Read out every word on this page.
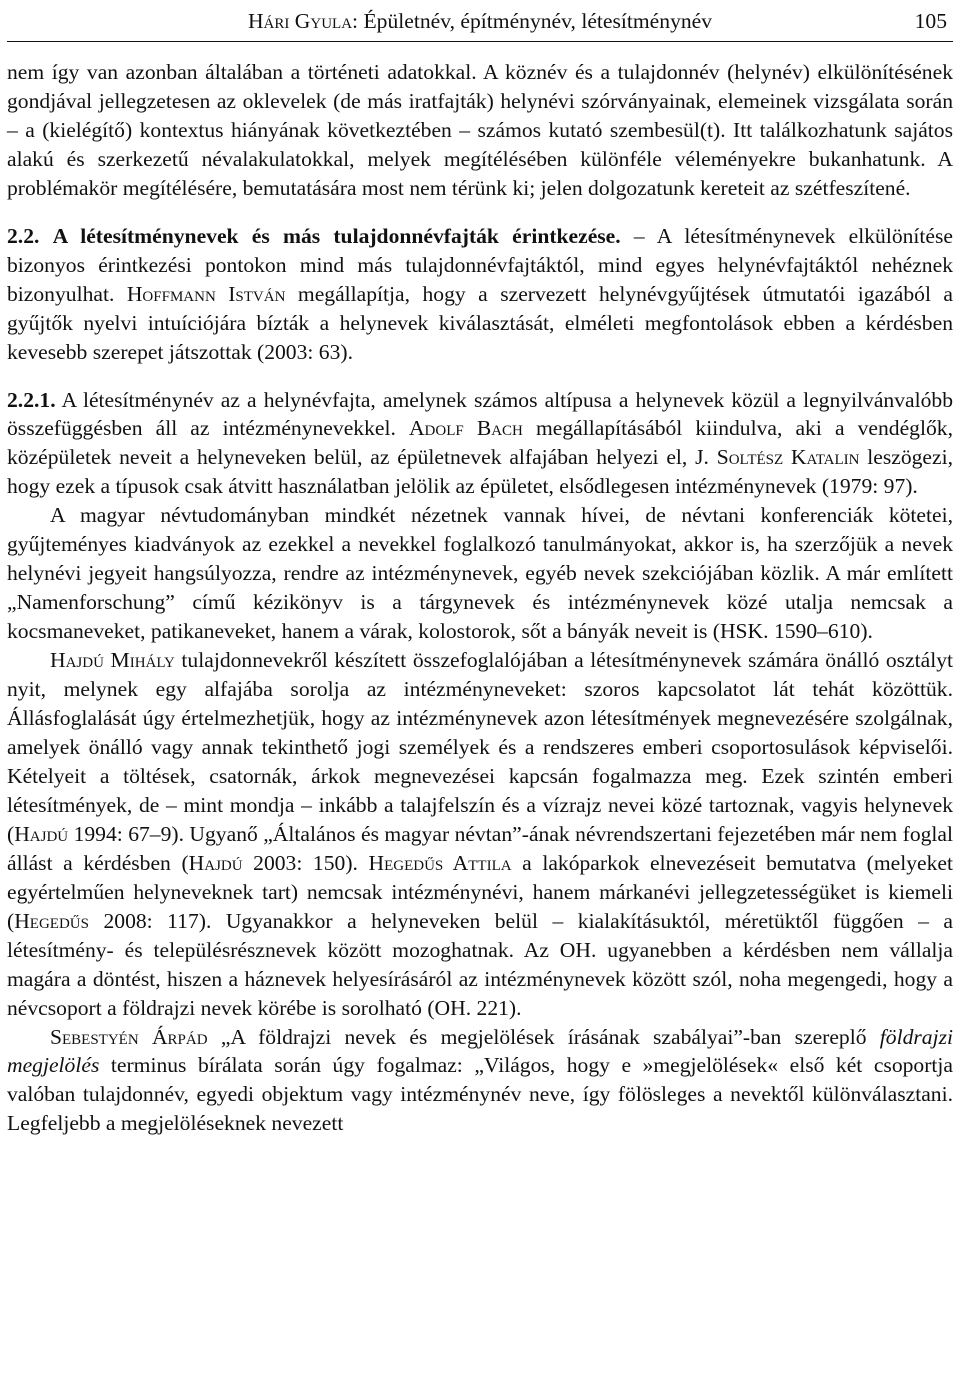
Hári Gyula: Épületnév, építménynév, létesítménynév	105

nem így van azonban általában a történeti adatokkal. A köznév és a tulajdonnév (helynév) elkülönítésének gondjával jellegzetesen az oklevelek (de más iratfajták) helynévi szórványainak, elemeinek vizsgálata során – a (kielégítő) kontextus hiányának következtében – számos kutató szembesül(t). Itt találkozhatunk sajátos alakú és szerkezetű névalakulatokkal, melyek megítélésében különféle véleményekre bukanhatunk. A problémakör megítélésére, bemutatására most nem térünk ki; jelen dolgozatunk kereteit az szétfeszítené.

2.2. A létesítménynevek és más tulajdonnévfajták érintkezése. – A létesítménynevek elkülönítése bizonyos érintkezési pontokon mind más tulajdonnévfajtáktól, mind egyes helynévfajtáktól nehéznek bizonyulhat. Hoffmann István megállapítja, hogy a szervezett helynévgyűjtések útmutatói igazából a gyűjtők nyelvi intuíciójára bízták a helynevek kiválasztását, elméleti megfontolások ebben a kérdésben kevesebb szerepet játszottak (2003: 63).

2.2.1. A létesítménynév az a helynévfajta, amelynek számos altípusa a helynevek közül a legnyilvánvalóbb összefüggésben áll az intézménynevekkel. Adolf Bach megállapításából kiindulva, aki a vendéglők, középületek neveit a helyneveken belül, az épületnevek alfajában helyezi el, J. Soltész Katalin leszögezi, hogy ezek a típusok csak átvitt használatban jelölik az épületet, elsődlegesen intézménynevek (1979: 97).

A magyar névtudományban mindkét nézetnek vannak hívei, de névtani konferenciák kötetei, gyűjteményes kiadványok az ezekkel a nevekkel foglalkozó tanulmányokat, akkor is, ha szerzőjük a nevek helynévi jegyeit hangsúlyozza, rendre az intézménynevek, egyéb nevek szekciójában közlik. A már említett „Namenforschung” című kézikönyv is a tárgynevek és intézménynevek közé utalja nemcsak a kocsmaneveket, patikaneveket, hanem a várak, kolostorok, sőt a bányák neveit is (HSK. 1590–610).

Hajdú Mihály tulajdonnevekről készített összefoglalójában a létesítménynevek számára önálló osztályt nyit, melynek egy alfajába sorolja az intézményneveket: szoros kapcsolatot lát tehát közöttük. Állásfoglalását úgy értelmezhetjük, hogy az intézménynevek azon létesítmények megnevezésére szolgálnak, amelyek önálló vagy annak tekinthető jogi személyek és a rendszeres emberi csoportosulások képviselői. Kételyeit a töltések, csatornák, árkok megnevezései kapcsán fogalmazza meg. Ezek szintén emberi létesítmények, de – mint mondja – inkább a talajfelszín és a vízrajz nevei közé tartoznak, vagyis helynevek (Hajdú 1994: 67–9). Ugyanő „Általános és magyar névtan”-ának névrendszertani fejezetében már nem foglal állást a kérdésben (Hajdú 2003: 150). Hegedűs Attila a lakóparkok elnevezéseit bemutatva (melyeket egyértelműen helyneveknek tart) nemcsak intézménynévi, hanem márkanévi jellegzetességüket is kiemeli (Hegedűs 2008: 117). Ugyanakkor a helyneveken belül – kialakításuktól, méretüktől függően – a létesítmény- és településrésznevek között mozoghatnak. Az OH. ugyanebben a kérdésben nem vállalja magára a döntést, hiszen a háznevek helyesírásáról az intézménynevek között szól, noha megengedi, hogy a névcsoport a földrajzi nevek körébe is sorolható (OH. 221).

Sebestyén Árpád „A földrajzi nevek és megjelölések írásának szabályai”-ban szereplő földrajzi megjelölés terminus bírálata során úgy fogalmaz: „Világos, hogy e »megjelölések« első két csoportja valóban tulajdonnév, egyedi objektum vagy intézménynév neve, így fölösleges a nevektől különválasztani. Legfeljebb a megjelöléseknek nevezett
